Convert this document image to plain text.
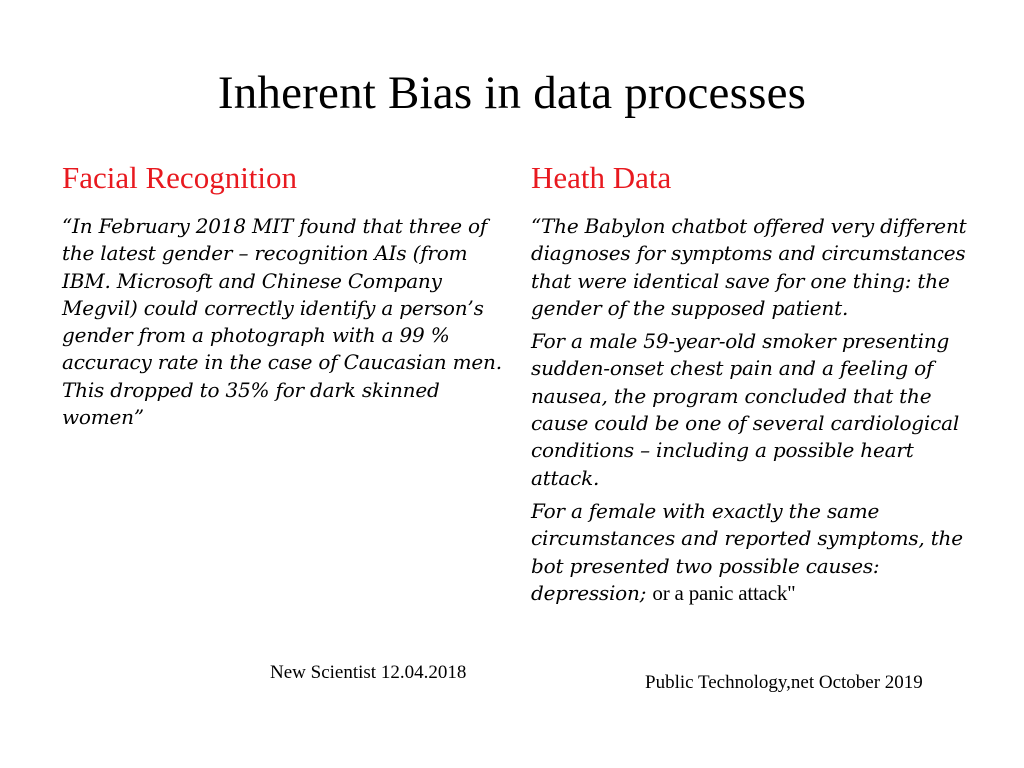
Inherent Bias in data processes
Facial Recognition

“In February 2018 MIT found that three of the latest gender – recognition AIs (from IBM. Microsoft and Chinese Company Megvil) could correctly identify a person’s gender from a photograph with a 99 % accuracy rate in the case of Caucasian men. This dropped to 35% for dark skinned women”

Heath Data

“The Babylon chatbot offered very different diagnoses for symptoms and circumstances that were identical save for one thing: the gender of the supposed patient.

For a male 59-year-old smoker presenting sudden-onset chest pain and a feeling of nausea, the program concluded that the cause could be one of several cardiological conditions – including a possible heart attack.

For a female with exactly the same circumstances and reported symptoms, the bot presented two possible causes: depression; or a panic attack"

New Scientist 12.04.2018	Public Technology,net October 2019
